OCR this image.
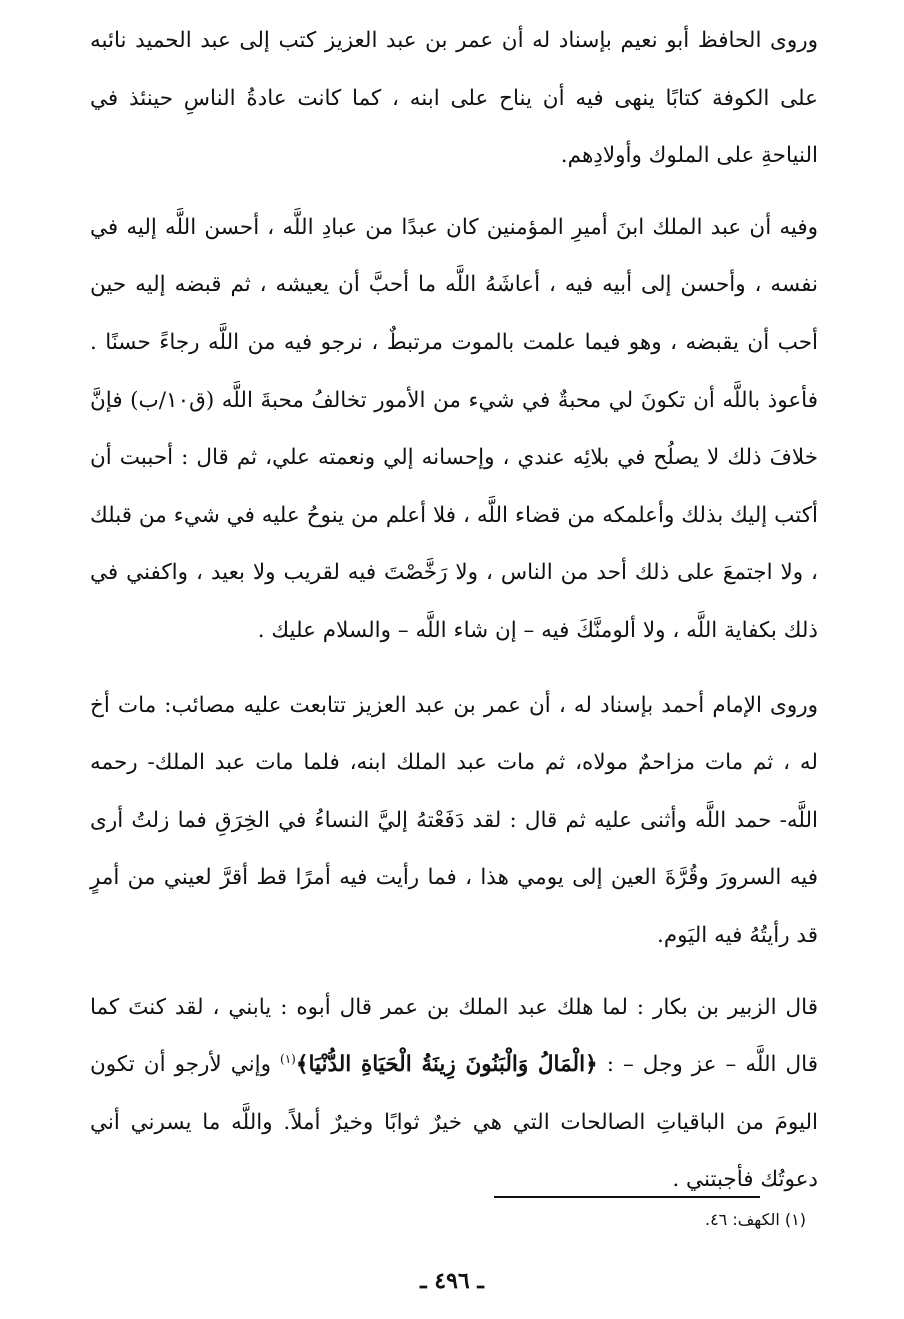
وروى الحافظ أبو نعيم بإسناد له أن عمر بن عبد العزيز كتب إلى عبد الحميد نائبه على الكوفة كتابًا ينهى فيه أن يناح على ابنه ، كما كانت عادةُ الناسِ حينئذ في النياحةِ على الملوك وأولادِهم.

وفيه أن عبد الملك ابنَ أميرِ المؤمنين كان عبدًا من عبادِ اللَّه ، أحسن اللَّه إليه في نفسه ، وأحسن إلى أبيه فيه ، أعاشَهُ اللَّه ما أحبَّ أن يعيشه ، ثم قبضه إليه حين أحب أن يقبضه ، وهو فيما علمت بالموت مرتبطٌ ، نرجو فيه من اللَّه رجاءً حسنًا . فأعوذ باللَّه أن تكونَ لي محبةٌ في شيء من الأمور تخالفُ محبةَ اللَّه (ق١٠/ب) فإنَّ خلافَ ذلك لا يصلُح في بلائِه عندي ، وإحسانه إلي ونعمته علي، ثم قال : أحببت أن أكتب إليك بذلك وأعلمكه من قضاء اللَّه ، فلا أعلم من ينوحُ عليه في شيء من قبلك ، ولا اجتمعَ على ذلك أحد من الناس ، ولا رَخَّصْتَ فيه لقريب ولا بعيد ، واكفني في ذلك بكفاية اللَّه ، ولا ألومنَّكَ فيه – إن شاء اللَّه – والسلام عليك .

وروى الإمام أحمد بإسناد له ، أن عمر بن عبد العزيز تتابعت عليه مصائب: مات أخ له ، ثم مات مزاحمٌ مولاه، ثم مات عبد الملك ابنه، فلما مات عبد الملك- رحمه اللَّه- حمد اللَّه وأثنى عليه ثم قال : لقد دَفَعْتهُ إليَّ النساءُ في الخِرَقِ فما زلتُ أرى فيه السرورَ وقُرَّةَ العين إلى يومي هذا ، فما رأيت فيه أمرًا قط أقرَّ لعيني من أمرٍ قد رأيتُهُ فيه اليَوم.

قال الزبير بن بكار : لما هلك عبد الملك بن عمر قال أبوه : يابني ، لقد كنتَ كما قال اللَّه – عز وجل – : ﴿الْمَالُ وَالْبَنُونَ زِينَةُ الْحَيَاةِ الدُّنْيَا﴾$^{(١)}$ وإني لأرجو أن تكون اليومَ من الباقياتِ الصالحات التي هي خيرٌ ثوابًا وخيرٌ أملاً. واللَّه ما يسرني أني دعوتُك فأجبتني .

(١) الكهف: ٤٦.
ـ ٤٩٦ ـ
